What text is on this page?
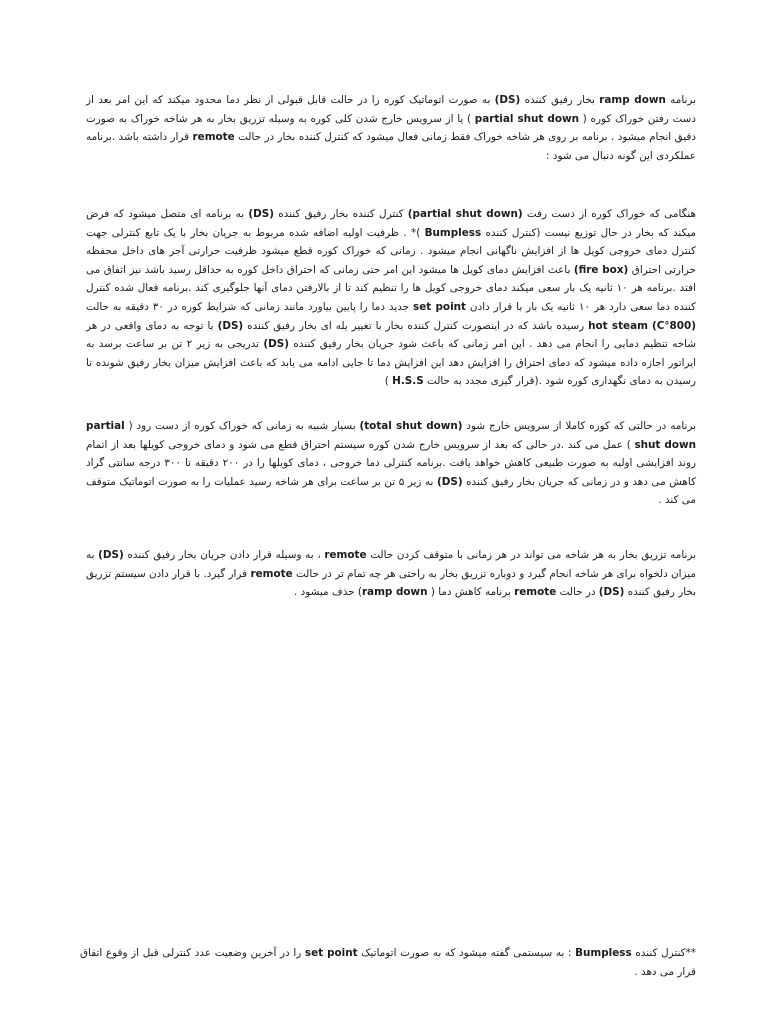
برنامه ramp down بخار رفیق کننده (DS) به صورت اتوماتیک کوره را در حالت قابل قبولی از نظر دما محدود میکند که این امر بعد از دست رفتن خوراک کوره ( partial shut down ) یا از سرویس خارج شدن کلی کوره به وسیله تزریق بخار به هر شاخه خوراک به صورت دقیق انجام میشود . برنامه بر روی هر شاخه خوراک فقط زمانی فعال میشود که کنترل کننده بخار در حالت remote قرار داشته باشد .برنامه عملکردی این گونه دنبال می شود :

هنگامی که خوراک کوره از دست رفت (partial shut down) کنترل کننده بخار رفیق کننده (DS) به برنامه ای متصل میشود که فرض میکند که بخار در حال توزیع نیست (کنترل کننده Bumpless )* . ظرفیت اولیه اضافه شده مربوط به جریان بخار با یک تابع کنترلی جهت کنترل دمای خروجی کویل ها از افزایش ناگهانی انجام میشود . زمانی که خوراک کوره قطع میشود ظرفیت حرارتی آجر های داخل محفظه حرارتی احتراق (fire box) باعث افزایش دمای کویل ها میشود این امر حتی زمانی که احتراق داخل کوره به حداقل رسید باشد نیز اتفاق می افتد .برنامه هر ۱۰ ثانیه یک بار سعی میکند دمای خروجی کویل ها را تنظیم کند تا از بالارفتن دمای آنها جلوگیری کند .برنامه فعال شده کنترل کننده دما سعی دارد هر ۱۰ ثانیه یک بار با قرار دادن set point جدید دما را پایین بیاورد مانند زمانی که شرایط کوره در ۳۰ دقیقه به حالت (800°C) hot steam رسیده باشد که در اینصورت کنترل کننده بخار با تغییر یله ای بخار رفیق کننده (DS) با توجه به دمای واقعی در هر شاخه تنظیم دمایی را انجام می دهد . این امر زمانی که باعث شود جریان بخار رفیق کننده (DS) تدریجی به زیر ۲ تن بر ساعت برسد به اپراتور اجازه داده میشود که دمای احتراق را افزایش دهد این افزایش دما تا جایی ادامه می یابد که باعث افزایش میزان بخار رفیق شونده تا رسیدن به دمای نگهداری کوره شود .(قرار گیری مجدد به حالت H.S.S )

برنامه در حالتی که کوره کاملا از سرویس خارج شود (total shut down) بسیار شبیه به زمانی که خوراک کوره از دست رود ( partial shut down ) عمل می کند .در حالی که بعد از سرویس خارج شدن کوره سیستم احتراق قطع می شود و دمای خروجی کویلها بعد از اتمام روند افزایشی اولیه به صورت طبیعی کاهش خواهد یافت .برنامه کنترلی دما خروجی ، دمای کویلها را در ۲۰۰ دقیقه تا ۳۰۰ درجه سانتی گراد کاهش می دهد و در زمانی که جریان بخار رفیق کننده (DS) به زیر ۵ تن بر ساعت برای هر شاخه رسید عملیات را به صورت اتوماتیک متوقف می کند .

برنامه تزریق بخار به هر شاخه می تواند در هر زمانی با متوقف کردن حالت remote ، به وسیله قرار دادن جریان بخار رفیق کننده (DS) به میزان دلخواه برای هر شاخه انجام گیرد و دوباره تزریق بخار به راحتی هر چه تمام تر در حالت remote قرار گیرد. با قرار دادن سیستم تزریق بخار رفیق کننده (DS) در حالت remote برنامه کاهش دما ( ramp down) حذف میشود .

**کنترل کننده Bumpless : به سیستمی گفته میشود که به صورت اتوماتیک set point را در آخرین وضعیت عدد کنترلی قبل از وقوع اتفاق قرار می دهد .
